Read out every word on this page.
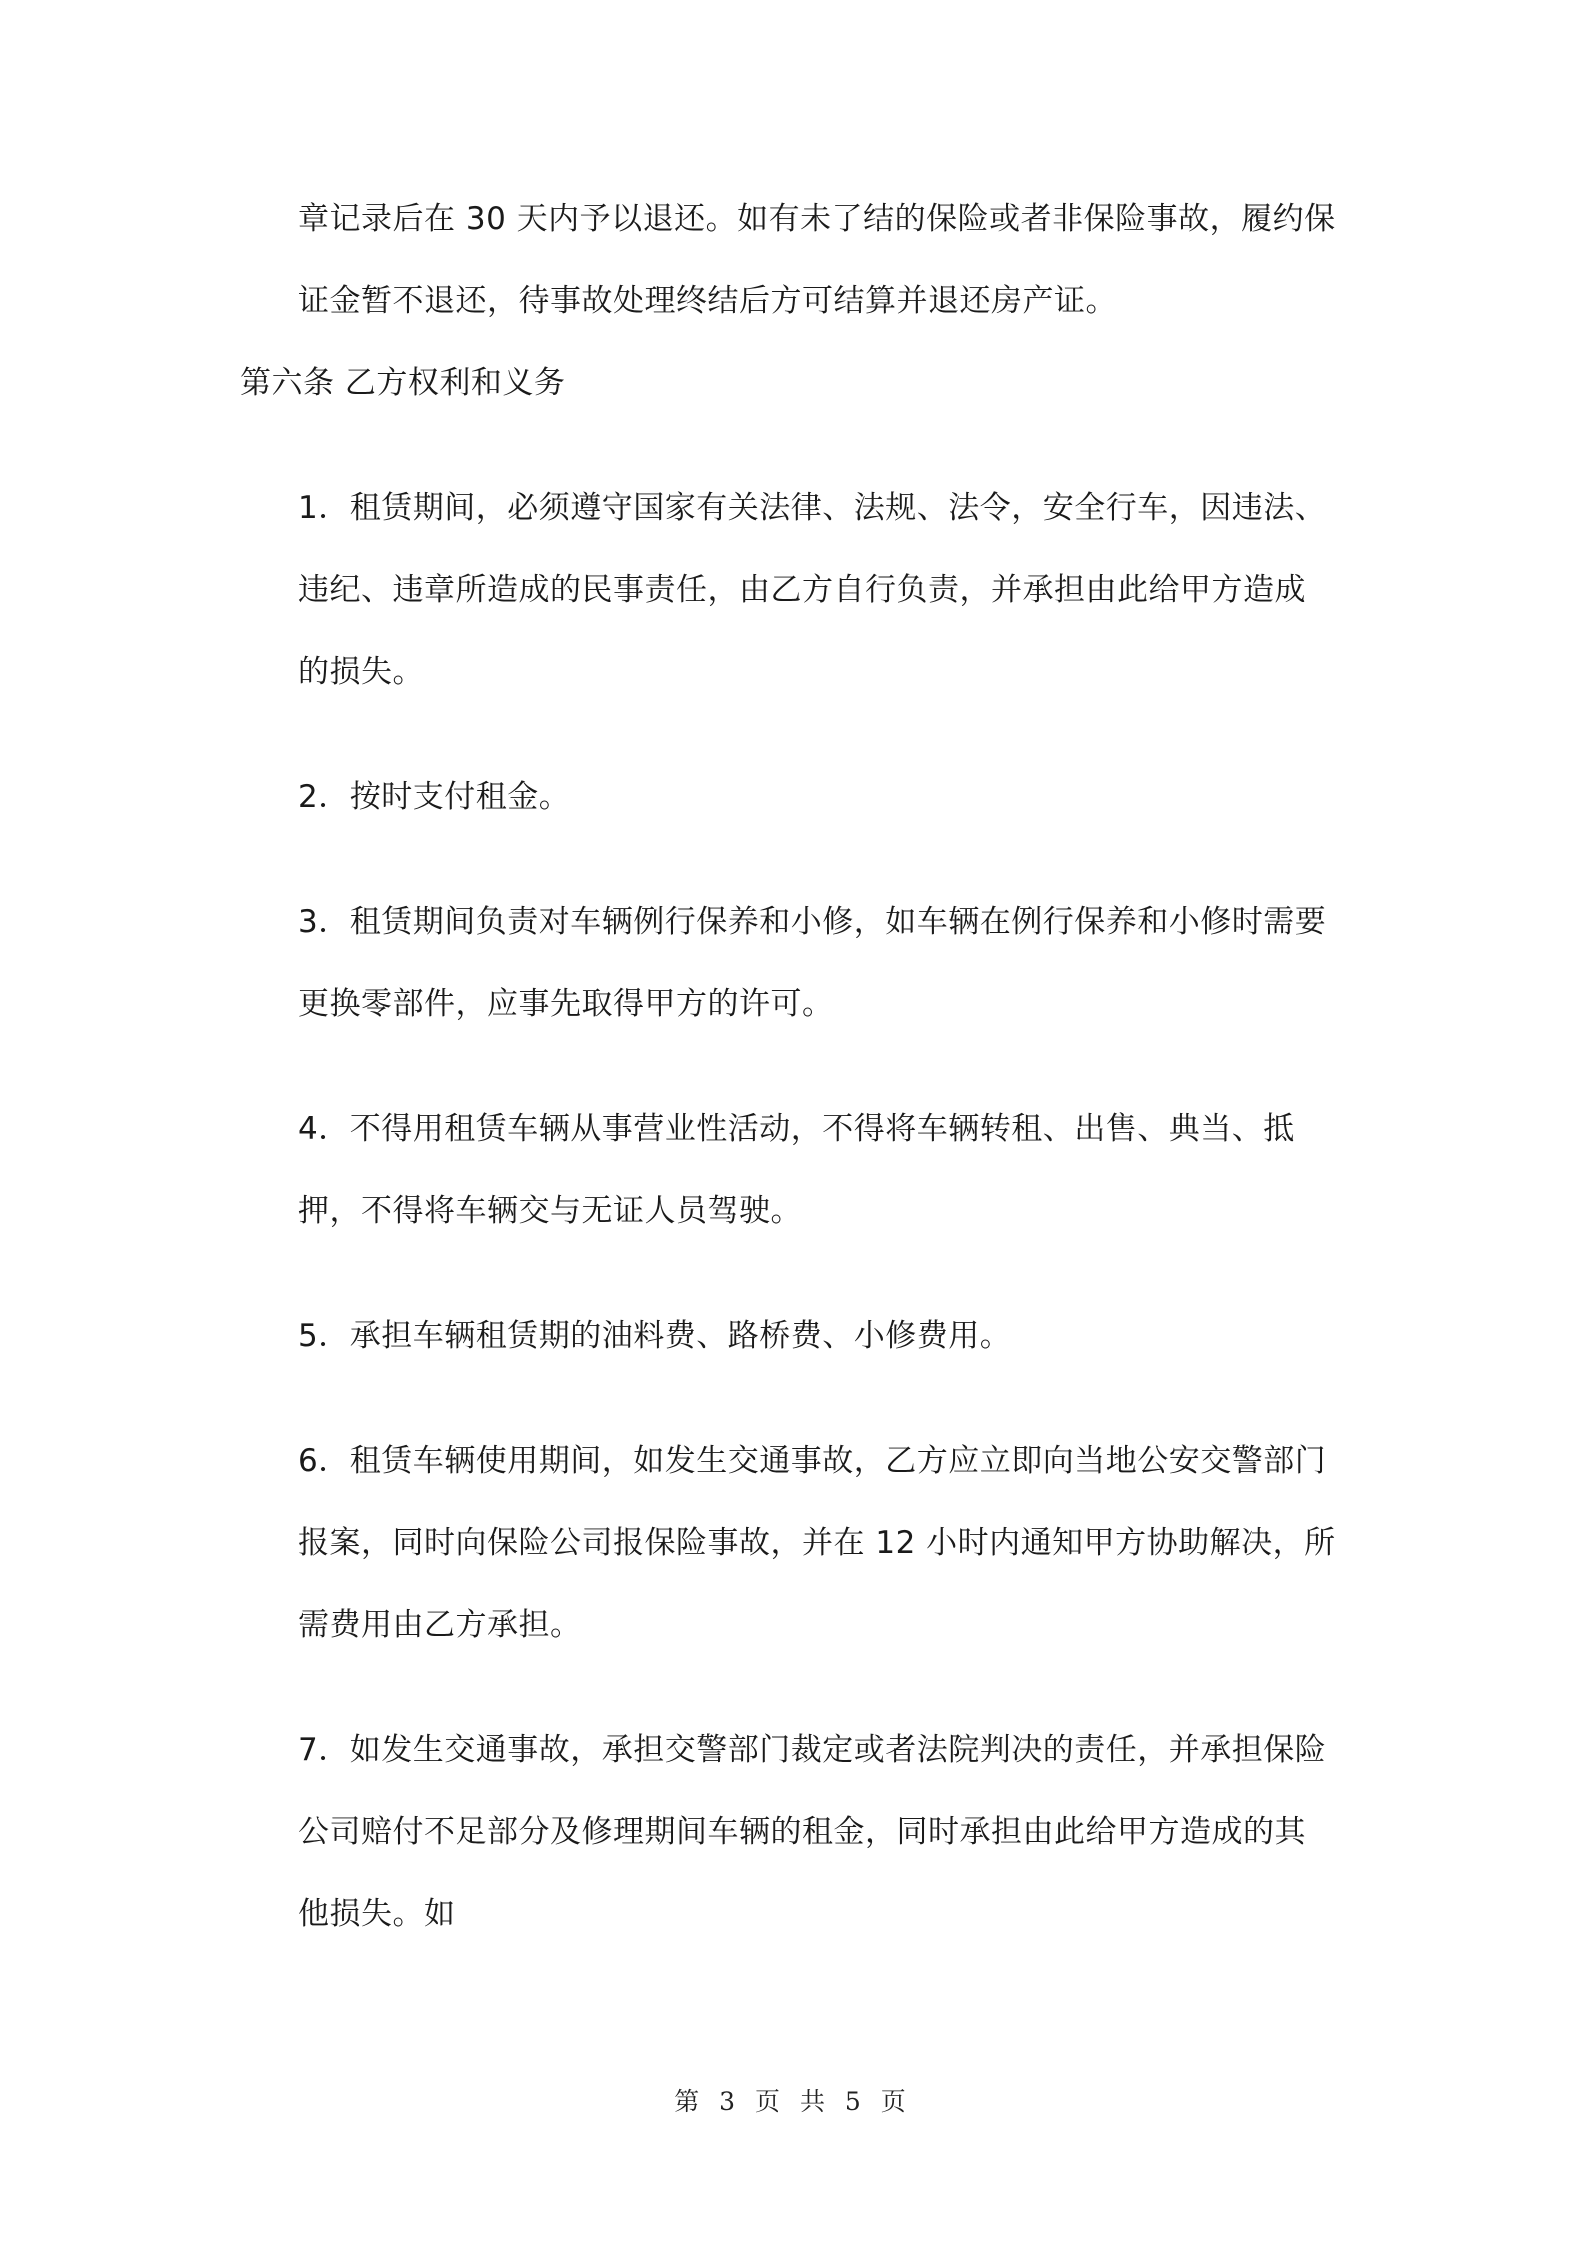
章记录后在 30 天内予以退还。如有未了结的保险或者非保险事故，履约保
证金暂不退还，待事故处理终结后方可结算并退还房产证。
第六条 乙方权利和义务
1．租赁期间，必须遵守国家有关法律、法规、法令，安全行车，因违法、
违纪、违章所造成的民事责任，由乙方自行负责，并承担由此给甲方造成
的损失。
2．按时支付租金。
3．租赁期间负责对车辆例行保养和小修，如车辆在例行保养和小修时需要
更换零部件，应事先取得甲方的许可。
4．不得用租赁车辆从事营业性活动，不得将车辆转租、出售、典当、抵
押，不得将车辆交与无证人员驾驶。
5．承担车辆租赁期的油料费、路桥费、小修费用。
6．租赁车辆使用期间，如发生交通事故，乙方应立即向当地公安交警部门
报案，同时向保险公司报保险事故，并在 12 小时内通知甲方协助解决，所
需费用由乙方承担。
7．如发生交通事故，承担交警部门裁定或者法院判决的责任，并承担保险
公司赔付不足部分及修理期间车辆的租金，同时承担由此给甲方造成的其
他损失。如
第 3 页 共 5 页
